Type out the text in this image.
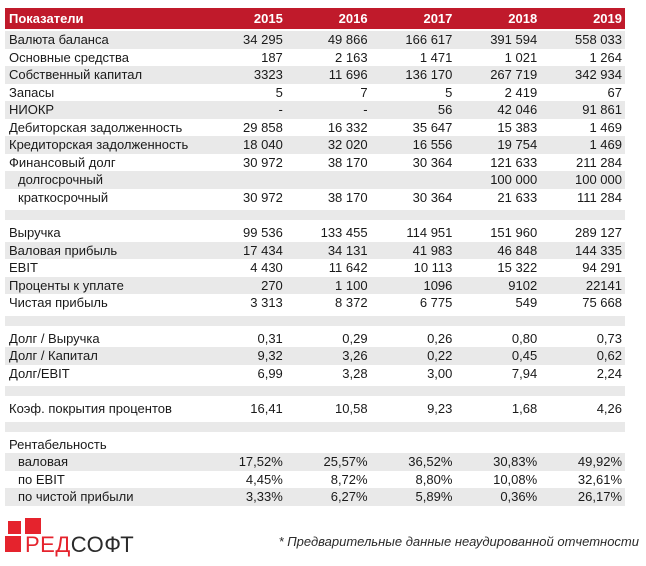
Показатели	2015	2016	2017	2018	2019
Валюта баланса	34 295	49 866	166 617	391 594	558 033
Основные средства	187	2 163	1 471	1 021	1 264
Собственный капитал	3323	11 696	136 170	267 719	342 934
Запасы	5	7	5	2 419	67
НИОКР	-	-	56	42 046	91 861
Дебиторская задолженность	29 858	16 332	35 647	15 383	1 469
Кредиторская задолженность	18 040	32 020	16 556	19 754	1 469
Финансовый долг	30 972	38 170	30 364	121 633	211 284
долгосрочный				100 000	100 000
краткосрочный	30 972	38 170	30 364	21 633	111 284

Выручка	99 536	133 455	114 951	151 960	289 127
Валовая прибыль	17 434	34 131	41 983	46 848	144 335
EBIT	4 430	11 642	10 113	15 322	94 291
Проценты к уплате	270	1 100	1096	9102	22141
Чистая прибыль	3 313	8 372	6 775	549	75 668

Долг / Выручка	0,31	0,29	0,26	0,80	0,73
Долг / Капитал	9,32	3,26	0,22	0,45	0,62
Долг/EBIT	6,99	3,28	3,00	7,94	2,24

Коэф. покрытия процентов	16,41	10,58	9,23	1,68	4,26

Рентабельность					
валовая	17,52%	25,57%	36,52%	30,83%	49,92%
по EBIT	4,45%	8,72%	8,80%	10,08%	32,61%
по чистой прибыли	3,33%	6,27%	5,89%	0,36%	26,17%
РЕДСОФТ	* Предварительные данные неаудированной отчетности
